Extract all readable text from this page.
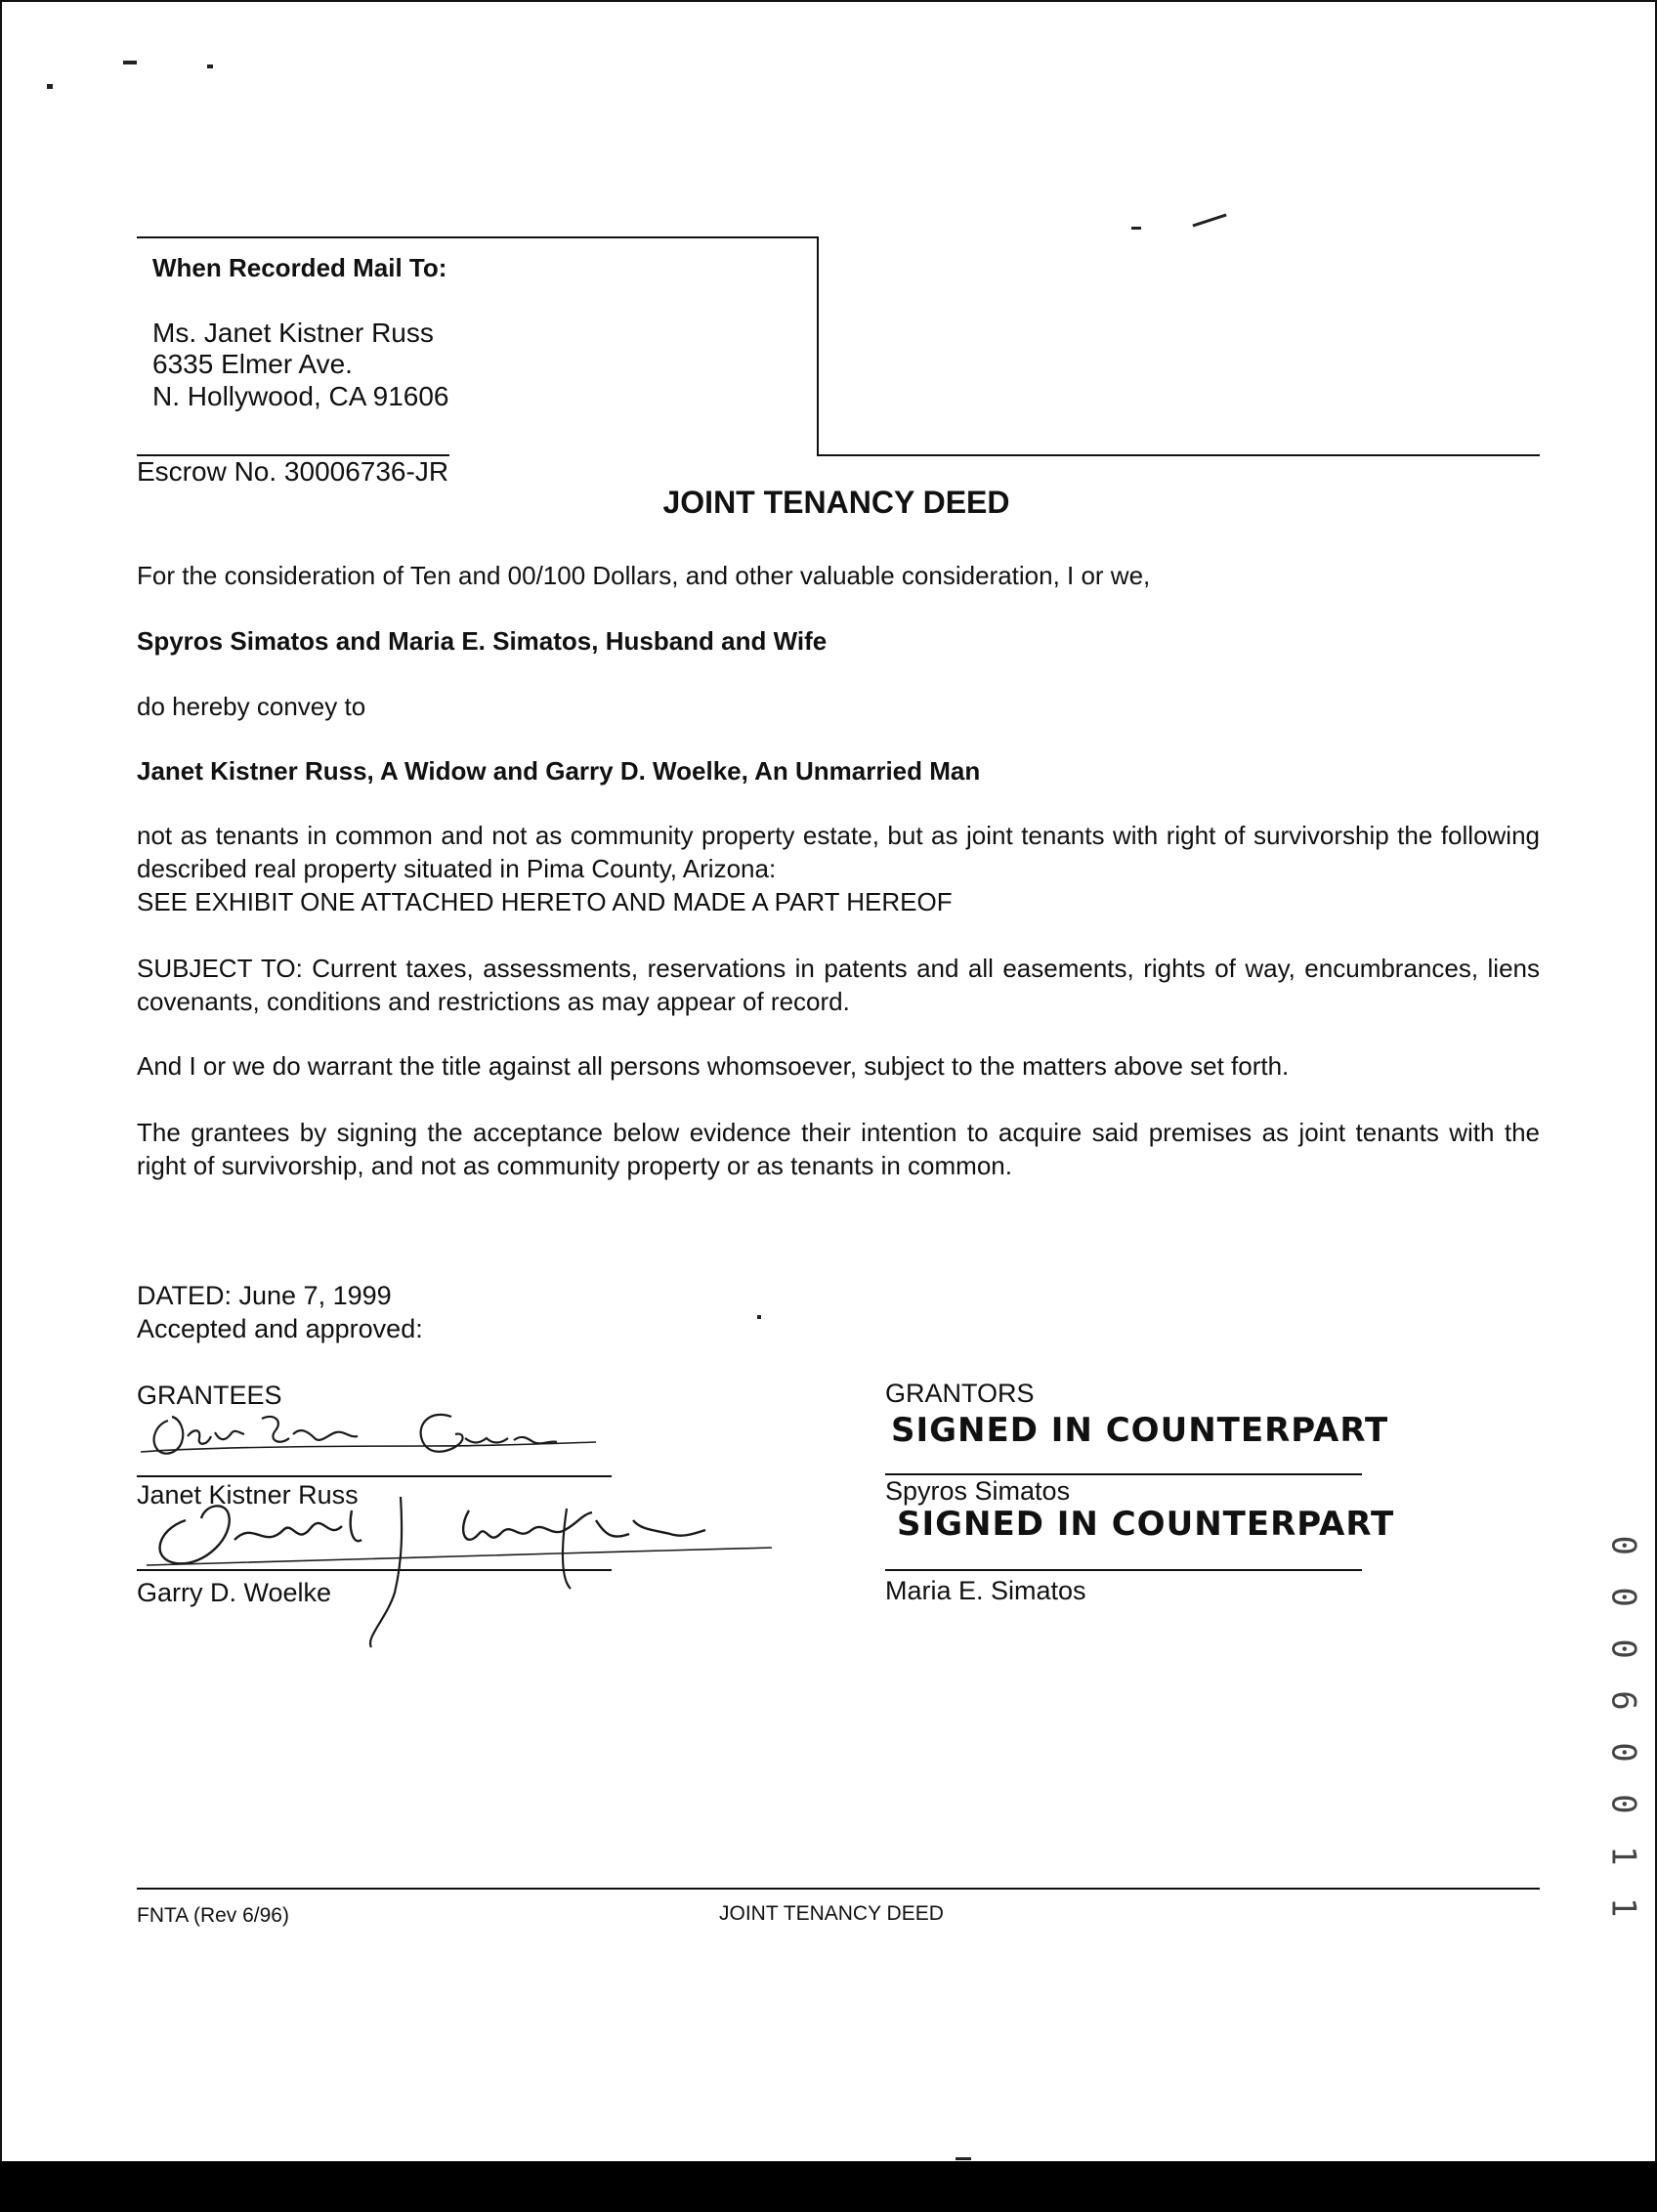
When Recorded Mail To:
Ms. Janet Kistner Russ
6335 Elmer Ave.
N. Hollywood, CA 91606
Escrow No. 30006736-JR
JOINT TENANCY DEED
For the consideration of Ten and 00/100 Dollars, and other valuable consideration, I or we,
Spyros Simatos and Maria E. Simatos, Husband and Wife
do hereby convey to
Janet Kistner Russ, A Widow and Garry D. Woelke, An Unmarried Man
not as tenants in common and not as community property estate, but as joint tenants with right of survivorship the following described real property situated in Pima County, Arizona:
SEE EXHIBIT ONE ATTACHED HERETO AND MADE A PART HEREOF
SUBJECT TO: Current taxes, assessments, reservations in patents and all easements, rights of way, encumbrances, liens covenants, conditions and restrictions as may appear of record.
And I or we do warrant the title against all persons whomsoever, subject to the matters above set forth.
The grantees by signing the acceptance below evidence their intention to acquire said premises as joint tenants with the right of survivorship, and not as community property or as tenants in common.
DATED: June 7, 1999
Accepted and approved:
GRANTEES
Janet Kistner Russ
Garry D. Woelke
GRANTORS
SIGNED IN COUNTERPART
Spyros Simatos
SIGNED IN COUNTERPART
Maria E. Simatos	0 0 0 6 0 0 1 1
FNTA (Rev 6/96)	JOINT TENANCY DEED
